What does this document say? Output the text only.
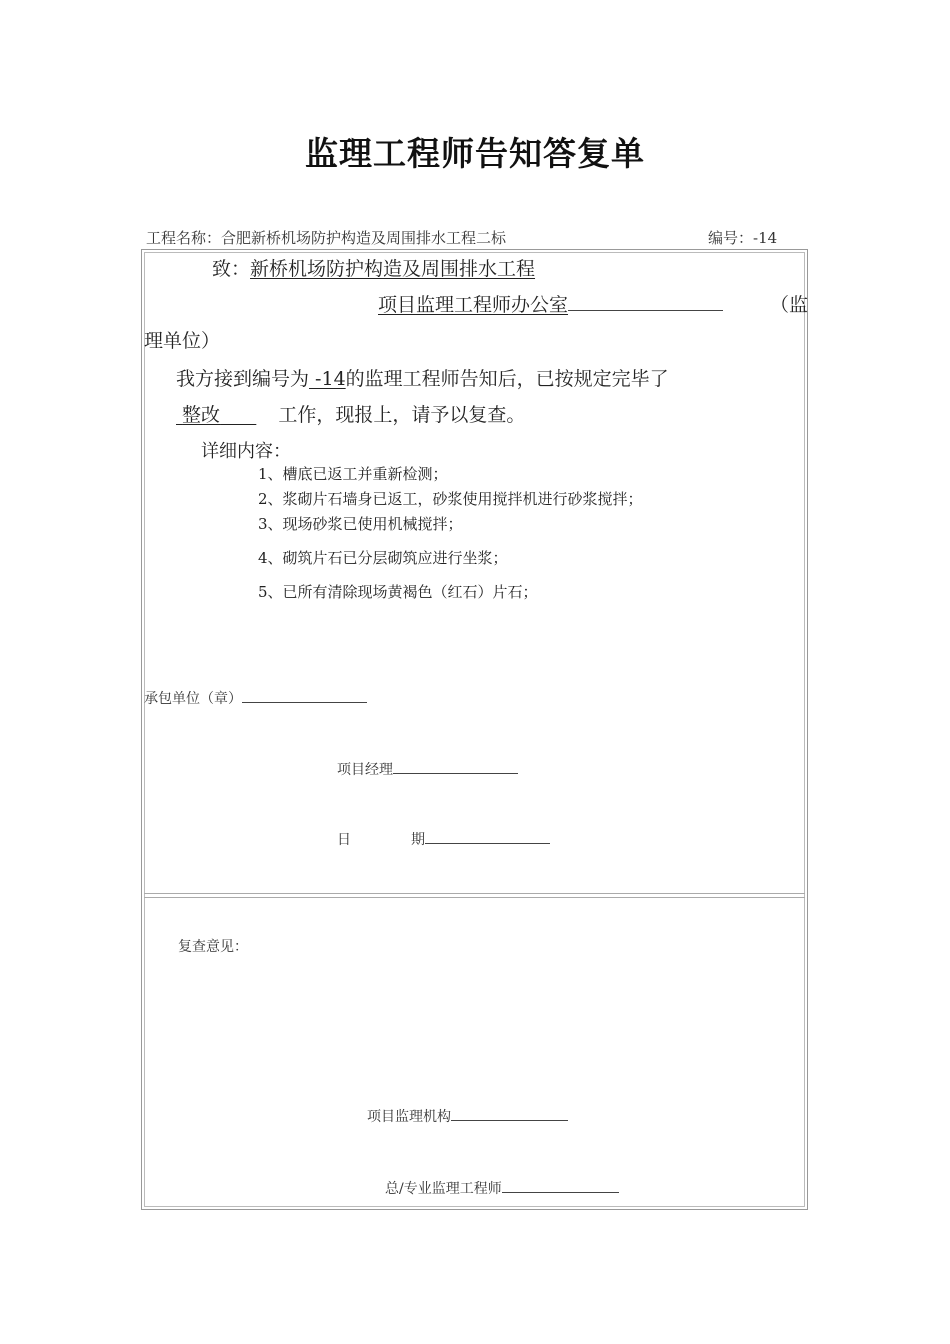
监理工程师告知答复单
工程名称：合肥新桥机场防护构造及周围排水工程二标	编号：-14
致：新桥机场防护构造及周围排水工程
项目监理工程师办公室	（监
理单位）
我方接到编号为 -14的监理工程师告知后，已按规定完毕了
整改	工作，现报上，请予以复查。
详细内容：
1、槽底已返工并重新检测；
2、浆砌片石墙身已返工，砂浆使用搅拌机进行砂浆搅拌；
3、现场砂浆已使用机械搅拌；
4、砌筑片石已分层砌筑应进行坐浆；
5、已所有清除现场黄褐色（红石）片石；
承包单位（章）
项目经理
日	期
复查意见：
项目监理机构
总/专业监理工程师
